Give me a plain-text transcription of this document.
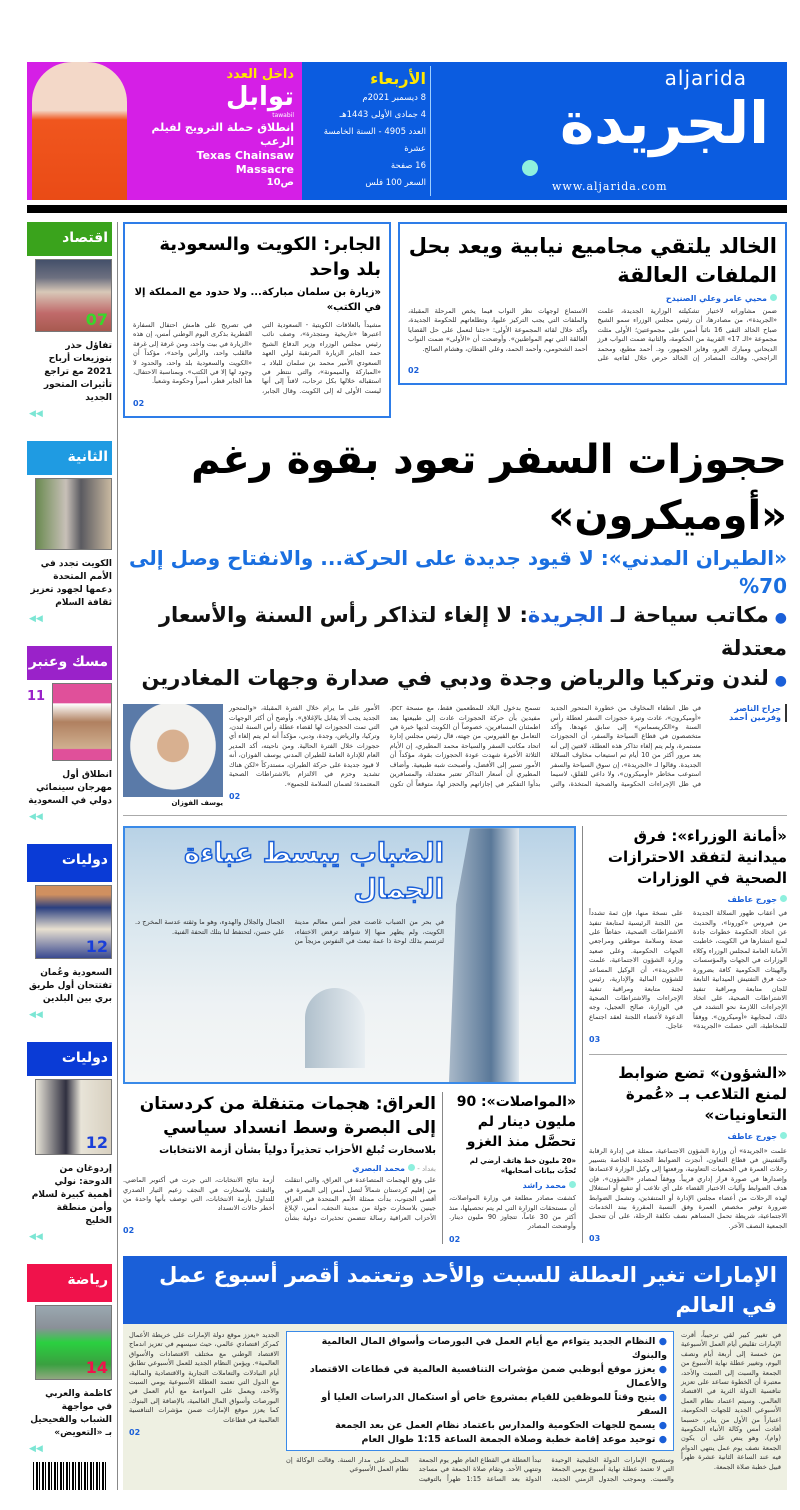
داخل العدد
توابل
tawabil
انطلاق حملة الترويج لفيلم الرعب
Texas Chainsaw Massacre
ص10
aljarida
الجريدة
www.aljarida.com
الأربعاء
8 ديسمبر 2021م
4 جمادى الأولى 1443هـ
العدد 4905 - السنة الخامسة عشرة
16 صفحة
السعر 100 فلس
اقتصاد
07
تفاؤل حذر بتوزيعات أرباح 2021 مع تراجع تأثيرات المتحور الجديد
◀◀
الثانية
الكويت تجدد في الأمم المتحدة دعمها لجهود تعزيز ثقافة السلام
◀◀
مسك وعنبر
11
انطلاق أول مهرجان سينمائي دولي في السعودية
◀◀
دوليات
12
السعودية وعُمان تفتتحان أول طريق بري بين البلدين
◀◀
دوليات
12
إردوغان من الدوحة: نولي أهمية كبيرة لسلام وأمن منطقة الخليج
◀◀
رياضة
14
كاظمة والعربي في مواجهة الشباب والفحيحيل بـ «التعويض»
◀◀
الجابر: الكويت والسعودية بلد واحد
«زيارة بن سلمان مباركة... ولا حدود مع المملكة إلا في الكتب»
مشيداً بالعلاقات الكويتية - السعودية التي اعتبرها «تاريخية ومتجذرة»، وصف نائب رئيس مجلس الوزراء وزير الدفاع الشيخ حمد الجابر الزيارة المرتقبة لولي العهد السعودي الأمير محمد بن سلمان للبلاد بـ «المباركة والميمونة»، والتي ننتظر في استقباله خلالها بكل ترحاب، لافتاً إلى أنها ليست الأولى له إلى الكويت. وقال الجابر، في تصريح على هامش احتفال السفارة القطرية بذكرى اليوم الوطني أمس، إن هذه «الزيارة في بيت واحد، ومن غرفة إلى غرفة فالقلب واحد، والرأس واحد»، مؤكداً أن «الكويت والسعودية بلد واحد، والحدود لا وجود لها إلا في الكتب». وبمناسبة الاحتفال، هنأ الجابر قطر، أميراً وحكومة وشعباً.
02
الخالد يلتقي مجاميع نيابية ويعد بحل الملفات العالقة
محيي عامر وعلي الصنيدح
ضمن مشاوراته لاختيار تشكيلته الوزارية الجديدة، علمت «الجريدة»، من مصادرها، أن رئيس مجلس الوزراء سمو الشيخ صباح الخالد التقى 16 نائباً أمس على مجموعتين؛ الأولى مثلت مجموعة «الـ 17» القريبة من الحكومة، والثانية ضمت النواب فرز الديحاني ومبارك العرو، وفايز الجمهور، ود. أحمد مطيع، ومحمد الراجحي. وقالت المصادر إن الخالد حرص خلال لقاءيه على الاستماع لوجهات نظر النواب فيما يخص المرحلة المقبلة، والملفات التي يجب التركيز عليها، وتطلعاتهم للحكومة الجديدة، وأكد خلال لقائه المجموعة الأولى: «جئنا لنعمل على حل القضايا العالقة التي تهم المواطنين». وأوضحت أن «الأولى» ضمت النواب أحمد الشحومي، وأحمد الحمد، وعلي القطان، وهشام الصالح.
02
حجوزات السفر تعود بقوة رغم «أوميكرون»
«الطيران المدني»: لا قيود جديدة على الحركة... والانفتاح وصل إلى 70%
● مكاتب سياحة لـ الجريدة: لا إلغاء لتذاكر رأس السنة والأسعار معتدلة
● لندن وتركيا والرياض وجدة ودبي في صدارة وجهات المغادرين
يوسف الفوزان
في ظل انطفاء المخاوف من خطورة المتحور الجديد «أوميكرون»، عادت وتيرة حجوزات السفر لعطلة رأس السنة و«الكريسماس» إلى سابق عهدها. وأكد متخصصون في قطاع السياحة والسفر، أن الحجوزات مستمرة، ولم يتم إلغاء تذاكر هذه العطلة، لافتين إلى أنه بعد مرور أكثر من 10 أيام تم استيعاب مخاوف السلالة الجديدة. وقالوا لـ «الجريدة»، إن سوق السياحة والسفر استوعب مخاطر «أوميكرون»، ولا داعي للقلق، لاسيما في ظل الإجراءات الحكومية والصحية المتخذة، والتي تسمح بدخول البلاد للمطعمين فقط، مع مسحة pcr، مفيدين بأن حركة الحجوزات عادت إلى طبيعتها بعد اطمئنان المسافرين، خصوصاً أن الكويت لديها خبرة في التعامل مع الفيروس. من جهته، قال رئيس مجلس إدارة اتحاد مكاتب السفر والسياحة محمد المطيري، إن الأيام الثلاثة الأخيرة شهدت عودة الحجوزات بقوة، مؤكداً أن الأمور تسير إلى الأفضل، وأصبحت شبه طبيعية. وأضاف المطيري أن أسعار التذاكر تعتبر معتدلة، والمسافرين بدأوا التفكير في إجازاتهم والحجز لها، متوقعاً أن تكون الأمور على ما يرام خلال الفترة المقبلة، «والمتحور الجديد يجب ألا يقابل بالإغلاق». وأوضح أن أكثر الوجهات التي تمت الحجوزات لها لقضاء عطلة رأس السنة لندن، وتركيا، والرياض، وجدة، ودبي، مؤكداً أنه لم يتم إلغاء أي حجوزات خلال الفترة الحالية. ومن ناحيته، أكد المدير العام للإدارة العامة للطيران المدني يوسف الفوزان، أنه لا قيود جديدة على حركة الطيران، مستدركاً «لكن هناك تشديد وحزم في الالتزام بالاشتراطات الصحية المعتمدة؛ لضمان السلامة للجميع».
02
جراح الناصر وفرمين أحمد
الضباب يبسط عباءة الجمال
في بحر من الضباب غاصت فجر أمس معالم مدينة الكويت، ولم يظهر منها إلا شواهد ترفض الاختفاء، لترتسم بذلك لوحة ذا عمة تبعث في النفوس مزيجاً من الجمال والجلال والهدوء، وهو ما وثقته عدسة المخرج د. علي حسن، لتحتفظ لنا بتلك التحفة الفنية.
العراق: هجمات متنقلة من كردستان إلى البصرة وسط انسداد سياسي
بلاسخارت تُبلغ الأحزاب تحذيراً دولياً بشأن أزمة الانتخابات
بغداد - محمد البصري
على وقع الهجمات المتصاعدة في العراق، والتي انتقلت من إقليم كردستان شمالاً لتصل أمس إلى البصرة في أقصى الجنوب، بدأت ممثلة الأمم المتحدة في العراق جينين بلاسخارت جولة من مدينة النجف، أمس، لإبلاغ الأحزاب العراقية رسالة تتضمن تحذيرات دولية بشأن أزمة نتائج الانتخابات، التي جرت في أكتوبر الماضي. والتقت بلاسخارت في النجف زعيم التيار الصدري للتداول بأزمة الانتخابات، التي توصف بأنها واحدة من أخطر حالات الانسداد
02
«المواصلات»: 90 مليون دينار لم تحصَّل منذ الغزو
«20 مليون خط هاتف أرضي لم تُحدَّث بيانات أصحابها»
محمد راشد
كشفت مصادر مطلعة في وزارة المواصلات، أن مستحقات الوزارة التي لم يتم تحصيلها، منذ أكثر من 30 عاماً، تتجاوز 90 مليون دينار. وأوضحت المصادر
02
«أمانة الوزراء»: فرق ميدانية لتفقد الاحترازات الصحية في الوزارات
جورج عاطف
في أعقاب ظهور السلالة الجديدة من فيروس «كورونا»، والحديث عن اتخاذ الحكومة خطوات جادة لمنع انتشارها في الكويت، خاطبت الأمانة العامة لمجلس الوزراء وكلاء الوزارات في الجهات والمؤسسات والهيئات الحكومية كافة بضرورة حث فرق التفتيش الميدانية التابعة للجان متابعة ومراقبة تنفيذ الاشتراطات الصحية، على اتخاذ الإجراءات اللازمة نحو التشدد في ذلك، لمجابهة «أوميكرون». ووفقاً للمخاطبة، التي حصلت «الجريدة» على نسخة منها، فإن ثمة تشدداً من اللجنة الرئيسية لمتابعة تنفيذ الاشتراطات الصحية، حفاظاً على صحة وسلامة موظفي ومراجعي الجهات الحكومية. وعلى صعيد وزارة الشؤون الاجتماعية، علمت «الجريدة»، أن الوكيل المساعد للشؤون المالية والإدارية، رئيس لجنة متابعة ومراقبة تنفيذ الإجراءات والاشتراطات الصحية في الوزارة، صالح العجيل، وجه الدعوة لأعضاء اللجنة لعقد اجتماع عاجل.
03
«الشؤون» تضع ضوابط لمنع التلاعب بـ «عُمرة التعاونيات»
جورج عاطف
علمت «الجريدة» أن وزارة الشؤون الاجتماعية، ممثلة في إدارة الرقابة والتفتيش في قطاع التعاون، أنجزت الضوابط الجديدة الخاصة بتسيير رحلات العمرة في الجمعيات التعاونية، ورفعتها إلى وكيل الوزارة لاعتمادها وإصدارها في صورة قرار إداري قريباً. ووفقاً لمصادر «الشؤون»، فإن هدف الضوابط وآليات الاختيار القضاء على أي تلاعب أو تنفيع أو استغلال لهذه الرحلات من أعضاء مجلس الإدارة أو المتنفذين، وتشمل الضوابط ضرورة توفير مخصص العمرة وفق النسبة المقررة ببند الخدمات الاجتماعية، شريطة تحمل المساهم نصف تكلفة الرحلة، على أن تتحمل الجمعية النصف الآخر.
03
الإمارات تغير العطلة للسبت والأحد وتعتمد أقصر أسبوع عمل في العالم
الجديد «يعزز موقع دولة الإمارات على خريطة الأعمال كمركز اقتصادي عالمي، حيث سيسهم في تعزيز اندماج الاقتصاد الوطني مع مختلف الاقتصادات والأسواق العالمية». ويؤمن النظام الجديد للعمل الأسبوعي تطابق أيام التبادلات والتعاملات التجارية والاقتصادية والمالية، مع الدول التي تعتمد العطلة الأسبوعية يومي السبت والأحد، ويعمل على المواءمة مع أيام العمل في البورصات وأسواق المال العالمية، بالإضافة إلى البنوك. كما يعزز موقع الإمارات ضمن مؤشرات التنافسية العالمية في قطاعات
02
● النظام الجديد يتواءم مع أيام العمل في البورصات وأسواق المال العالمية والبنوك
● يعزز موقع أبوظبي ضمن مؤشرات التنافسية العالمية في قطاعات الاقتصاد والأعمال
● يتيح وقتاً للموظفين للقيام بمشروع خاص أو استكمال الدراسات العليا أو السفر
● يسمح للجهات الحكومية والمدارس باعتماد نظام العمل عن بعد الجمعة
● توحيد موعد إقامة خطبة وصلاة الجمعة الساعة 1:15 طوال العام
وستصبح الإمارات الدولة الخليجية الوحيدة التي لا تعتمد عطلة نهاية أسبوع يومي الجمعة والسبت. وبموجب الجدول الزمني الجديد، تبدأ العطلة في القطاع العام ظهر يوم الجمعة وتنتهي الأحد. وتقام صلاة الجمعة في مساجد الدولة بعد الساعة 1:15 ظهراً بالتوقيت المحلي على مدار السنة. وقالت الوكالة إن نظام العمل الأسبوعي
في تغيير كبير لقي ترحيباً، أقرت الإمارات تقليص أيام العمل الأسبوعية من خمسة إلى أربعة أيام ونصف اليوم، وتغيير عطلة نهاية الأسبوع من الجمعة والسبت إلى السبت والأحد، معتبرة أن الخطوة تساعد على تعزيز تنافسية الدولة الثرية في الاقتصاد العالمي. وسيتم اعتماد نظام العمل الأسبوعي الجديد للجهات الحكومية، اعتباراً من الأول من يناير، حسبما أفادت أمس وكالة الأنباء الحكومية (وام)، وهو ينص على أن يكون الجمعة نصف يوم عمل ينتهي الدوام فيه عند الساعة الثانية عشرة ظهراً قبيل خطبة صلاة الجمعة.
